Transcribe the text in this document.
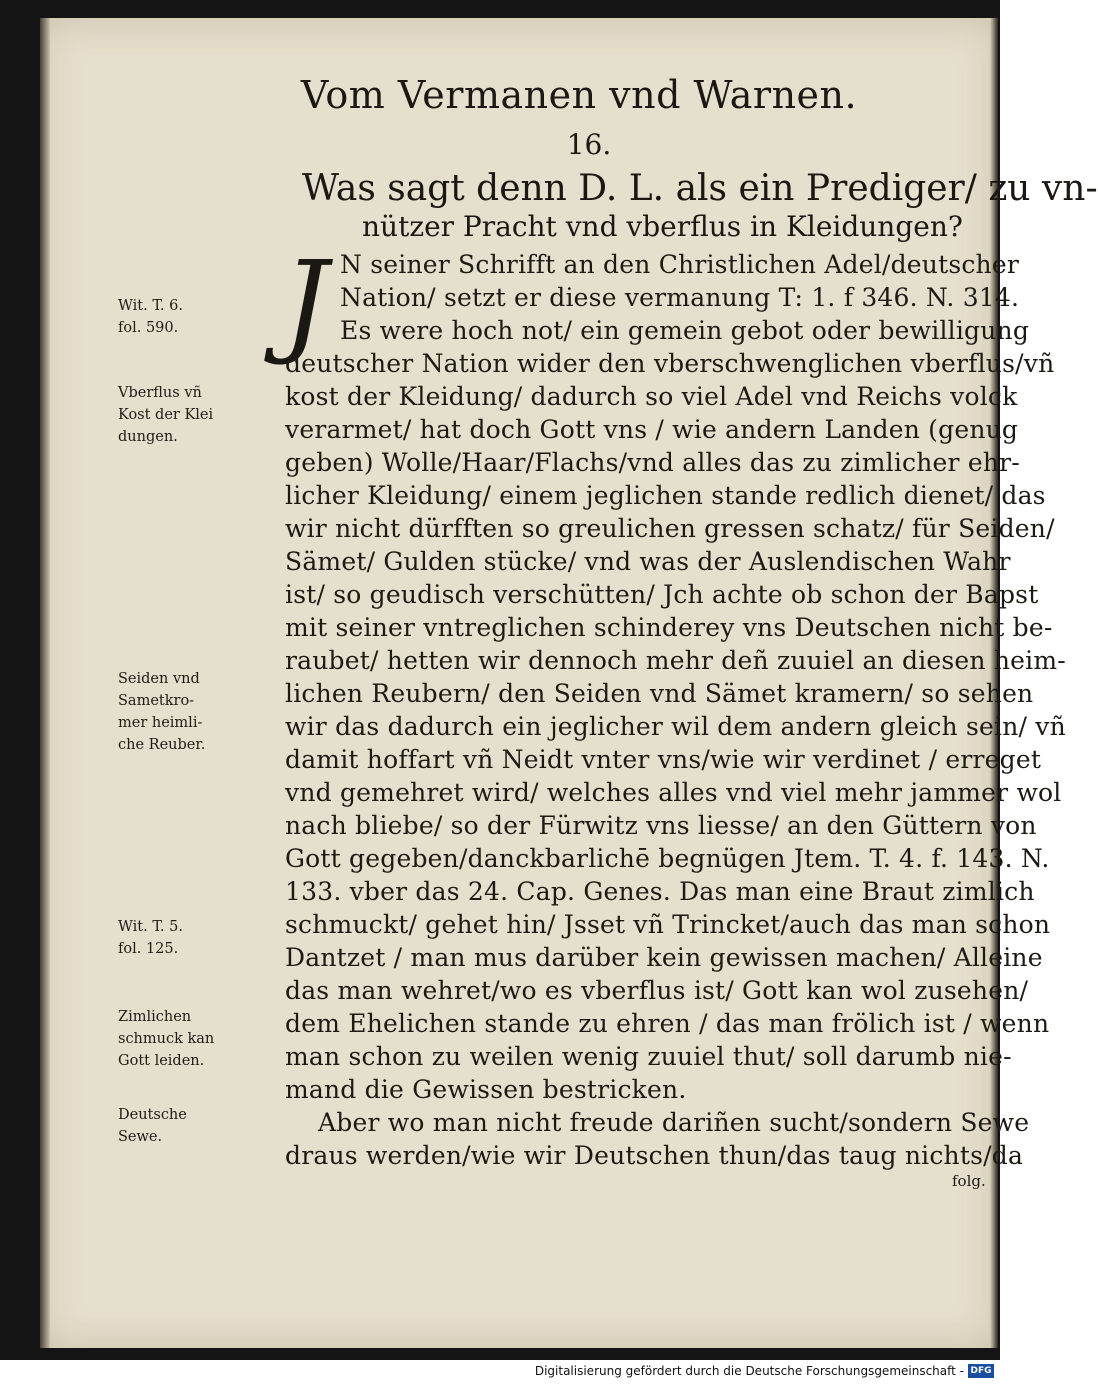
Vom Vermanen vnd Warnen.
16.
Was sagt denn D. L. als ein Prediger/ zu vn-
nützer Pracht vnd vberflus in Kleidungen?
J N seiner Schrifft an den Christlichen Adel/deutscher
Nation/ setzt er diese vermanung T: 1. f 346. N. 314.
Es were hoch not/ ein gemein gebot oder bewilligung
deutscher Nation wider den vberschwenglichen vberflus/vñ
kost der Kleidung/ dadurch so viel Adel vnd Reichs volck
verarmet/ hat doch Gott vns / wie andern Landen (genug
geben) Wolle/Haar/Flachs/vnd alles das zu zimlicher ehr-
licher Kleidung/ einem jeglichen stande redlich dienet/ das
wir nicht dürfften so greulichen gressen schatz/ für Seiden/
Sämet/ Gulden stücke/ vnd was der Auslendischen Wahr
ist/ so geudisch verschütten/ Jch achte ob schon der Bapst
mit seiner vntreglichen schinderey vns Deutschen nicht be-
raubet/ hetten wir dennoch mehr deñ zuuiel an diesen heim-
lichen Reubern/ den Seiden vnd Sämet kramern/ so sehen
wir das dadurch ein jeglicher wil dem andern gleich sein/ vñ
damit hoffart vñ Neidt vnter vns/wie wir verdinet / erreget
vnd gemehret wird/ welches alles vnd viel mehr jammer wol
nach bliebe/ so der Fürwitz vns liesse/ an den Güttern von
Gott gegeben/danckbarlichē begnügen Jtem. T. 4. f. 143. N.
133. vber das 24. Cap. Genes. Das man eine Braut zimlich
schmuckt/ gehet hin/ Jsset vñ Trincket/auch das man schon
Dantzet / man mus darüber kein gewissen machen/ Alleine
das man wehret/wo es vberflus ist/ Gott kan wol zusehen/
dem Ehelichen stande zu ehren / das man frölich ist / wenn
man schon zu weilen wenig zuuiel thut/ soll darumb nie-
mand die Gewissen bestricken.
Aber wo man nicht freude dariñen sucht/sondern Sewe
draus werden/wie wir Deutschen thun/das taug nichts/da
folg.
Wit. T. 6.
fol. 590.
Vberflus vñ
Kost der Klei
dungen.
Seiden vnd
Sametkro-
mer heimli-
che Reuber.
Wit. T. 5.
fol. 125.
Zimlichen
schmuck kan
Gott leiden.
Deutsche
Sewe.
Digitalisierung gefördert durch die Deutsche Forschungsgemeinschaft - DFG
